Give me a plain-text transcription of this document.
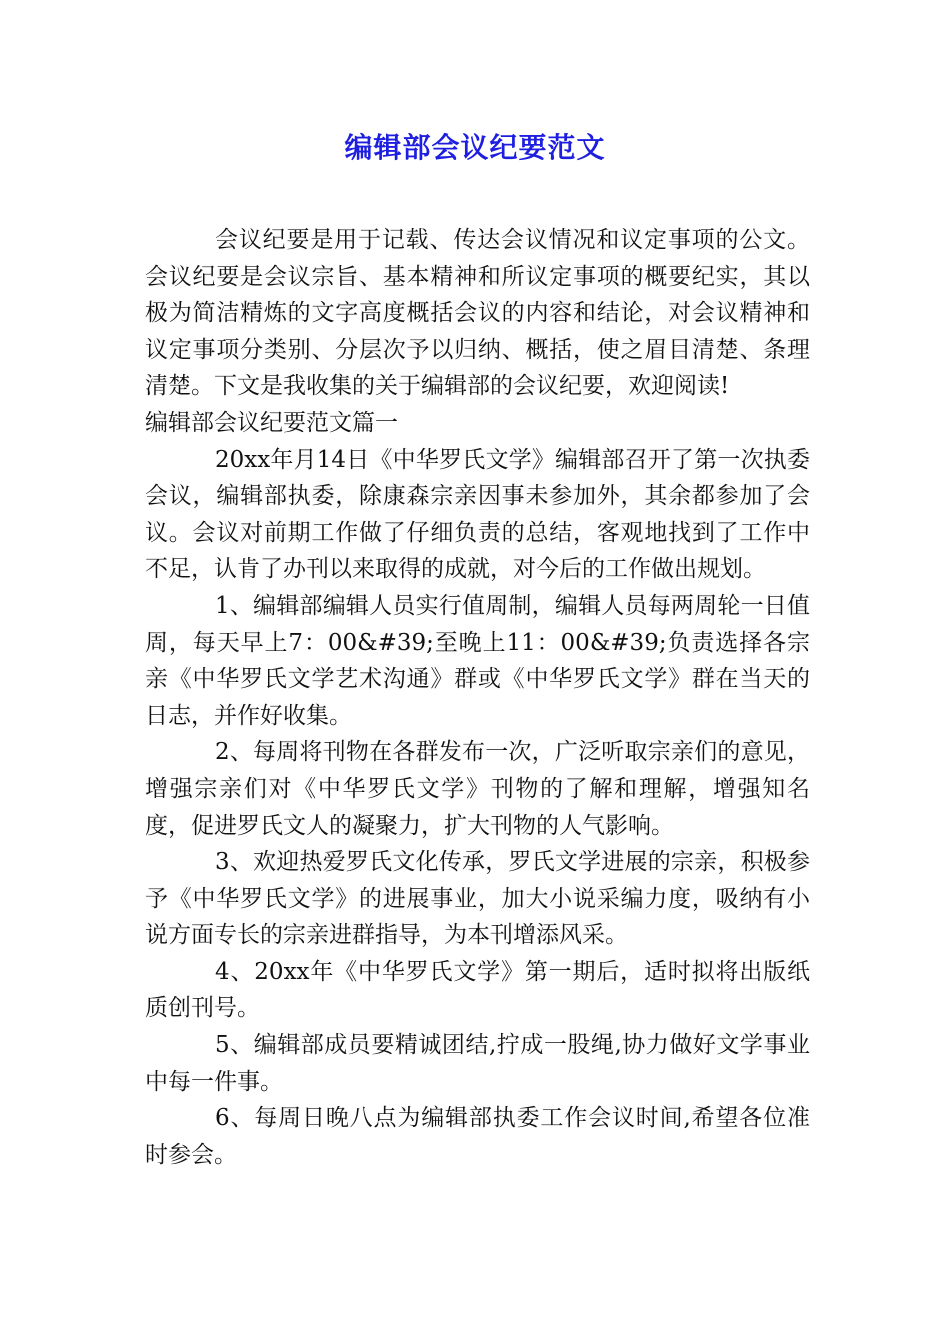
编辑部会议纪要范文

会议纪要是用于记载、传达会议情况和议定事项的公文。会议纪要是会议宗旨、基本精神和所议定事项的概要纪实，其以极为简洁精炼的文字高度概括会议的内容和结论，对会议精神和议定事项分类别、分层次予以归纳、概括，使之眉目清楚、条理清楚。下文是我收集的关于编辑部的会议纪要，欢迎阅读!

编辑部会议纪要范文篇一

20xx年月14日《中华罗氏文学》编辑部召开了第一次执委会议，编辑部执委，除康森宗亲因事未参加外，其余都参加了会议。会议对前期工作做了仔细负责的总结，客观地找到了工作中不足，认肯了办刊以来取得的成就，对今后的工作做出规划。

1、编辑部编辑人员实行值周制，编辑人员每两周轮一日值周，每天早上7：00&#39;至晚上11：00&#39;负责选择各宗亲《中华罗氏文学艺术沟通》群或《中华罗氏文学》群在当天的日志，并作好收集。

2、每周将刊物在各群发布一次，广泛听取宗亲们的意见，增强宗亲们对《中华罗氏文学》刊物的了解和理解，增强知名度，促进罗氏文人的凝聚力，扩大刊物的人气影响。

3、欢迎热爱罗氏文化传承，罗氏文学进展的宗亲，积极参予《中华罗氏文学》的进展事业，加大小说采编力度，吸纳有小说方面专长的宗亲进群指导，为本刊增添风采。

4、20xx年《中华罗氏文学》第一期后，适时拟将出版纸质创刊号。

5、编辑部成员要精诚团结,拧成一股绳,协力做好文学事业中每一件事。

6、每周日晚八点为编辑部执委工作会议时间,希望各位准时参会。
